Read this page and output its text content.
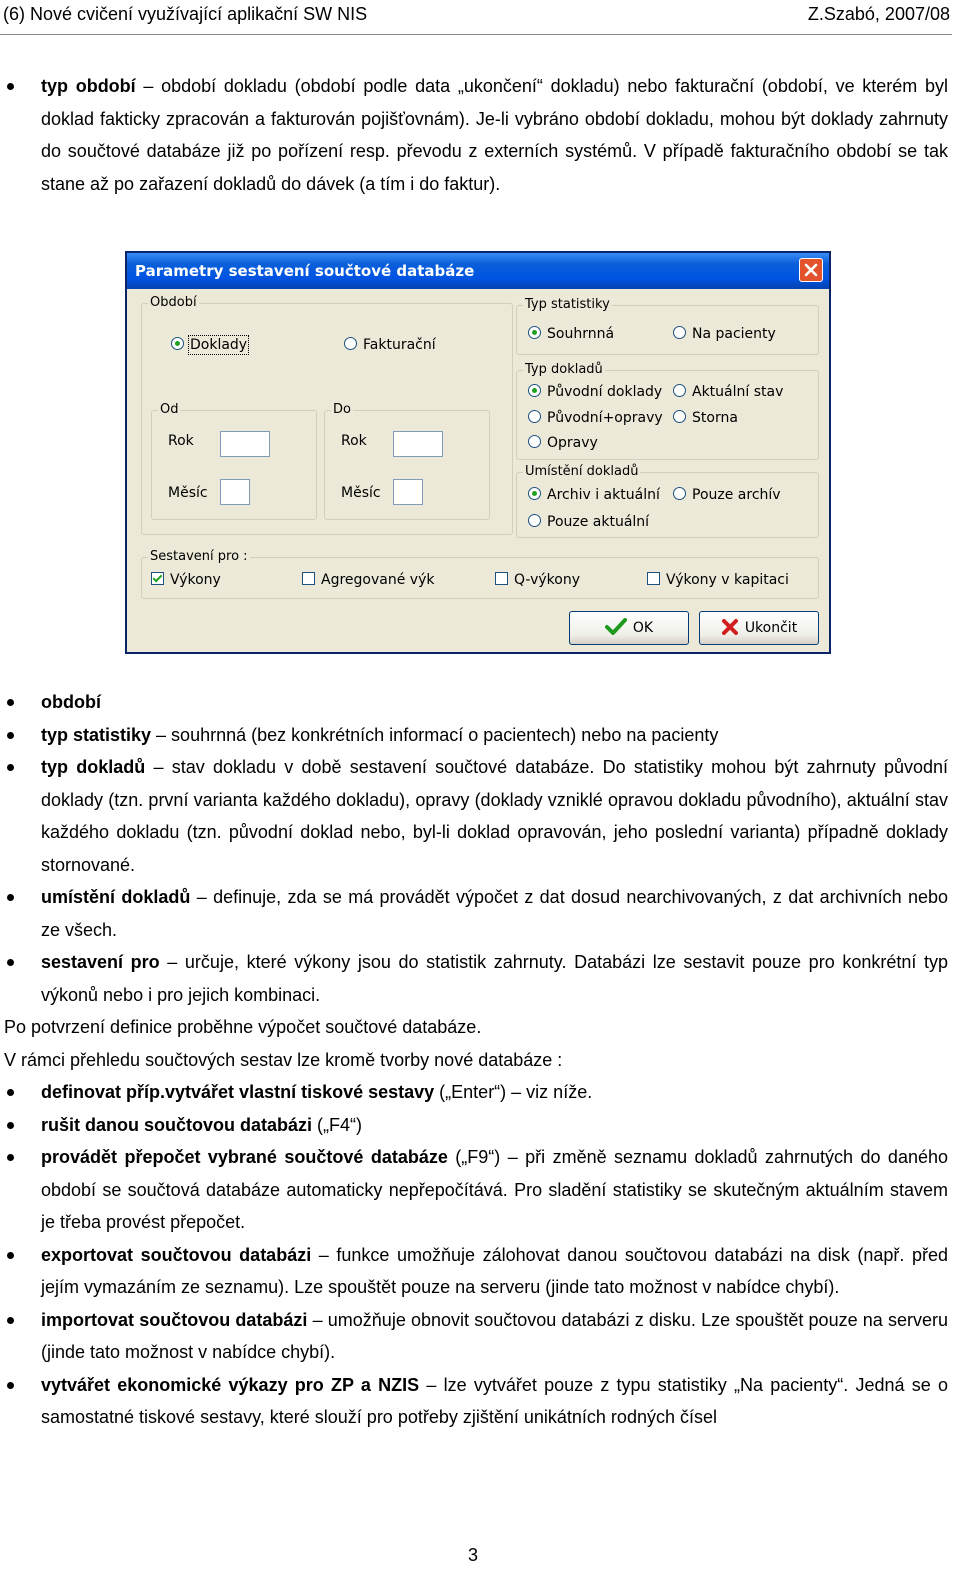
(6) Nové cvičení využívající aplikační SW NIS	Z.Szabó, 2007/08
typ období – období dokladu (období podle data „ukončení“ dokladu) nebo fakturační (období, ve kterém byl doklad fakticky zpracován a fakturován pojišťovnám). Je-li vybráno období dokladu, mohou být doklady zahrnuty do součtové databáze již po pořízení resp. převodu z externích systémů. V případě fakturačního období se tak stane až po zařazení dokladů do dávek (a tím i do faktur).
Parametry sestavení součtové databáze
Období
Doklady	Fakturační
Od
Rok
Měsíc
Do
Rok
Měsíc
Typ statistiky
Souhrnná	Na pacienty
Typ dokladů
Původní doklady	Aktuální stav
Původní+opravy	Storna
Opravy
Umístění dokladů
Archiv i aktuální	Pouze archív
Pouze aktuální
Sestavení pro :
Výkony	Agregované výk	Q-výkony	Výkony v kapitaci
OK	Ukončit
období
typ statistiky – souhrnná (bez konkrétních informací o pacientech) nebo na pacienty
typ dokladů – stav dokladu v době sestavení součtové databáze. Do statistiky mohou být zahrnuty původní doklady (tzn. první varianta každého dokladu), opravy (doklady vzniklé opravou dokladu původního), aktuální stav každého dokladu (tzn. původní doklad nebo, byl-li doklad opravován, jeho poslední varianta) případně doklady stornované.
umístění dokladů – definuje, zda se má provádět výpočet z dat dosud nearchivovaných, z dat archivních nebo ze všech.
sestavení pro – určuje, které výkony jsou do statistik zahrnuty. Databázi lze sestavit pouze pro konkrétní typ výkonů nebo i pro jejich kombinaci.

Po potvrzení definice proběhne výpočet součtové databáze.

V rámci přehledu součtových sestav lze kromě tvorby nové databáze :

definovat příp.vytvářet vlastní tiskové sestavy („Enter“) – viz níže.
rušit danou součtovou databázi („F4“)
provádět přepočet vybrané součtové databáze („F9“) – při změně seznamu dokladů zahrnutých do daného období se součtová databáze automaticky nepřepočítává. Pro sladění statistiky se skutečným aktuálním stavem je třeba provést přepočet.
exportovat součtovou databázi – funkce umožňuje zálohovat danou součtovou databázi na disk (např. před jejím vymazáním ze seznamu). Lze spouštět pouze na serveru (jinde tato možnost v nabídce chybí).
importovat součtovou databázi – umožňuje obnovit součtovou databázi z disku. Lze spouštět pouze na serveru (jinde tato možnost v nabídce chybí).
vytvářet ekonomické výkazy pro ZP a NZIS – lze vytvářet pouze z typu statistiky „Na pacienty“. Jedná se o samostatné tiskové sestavy, které slouží pro potřeby zjištění unikátních rodných čísel
3
